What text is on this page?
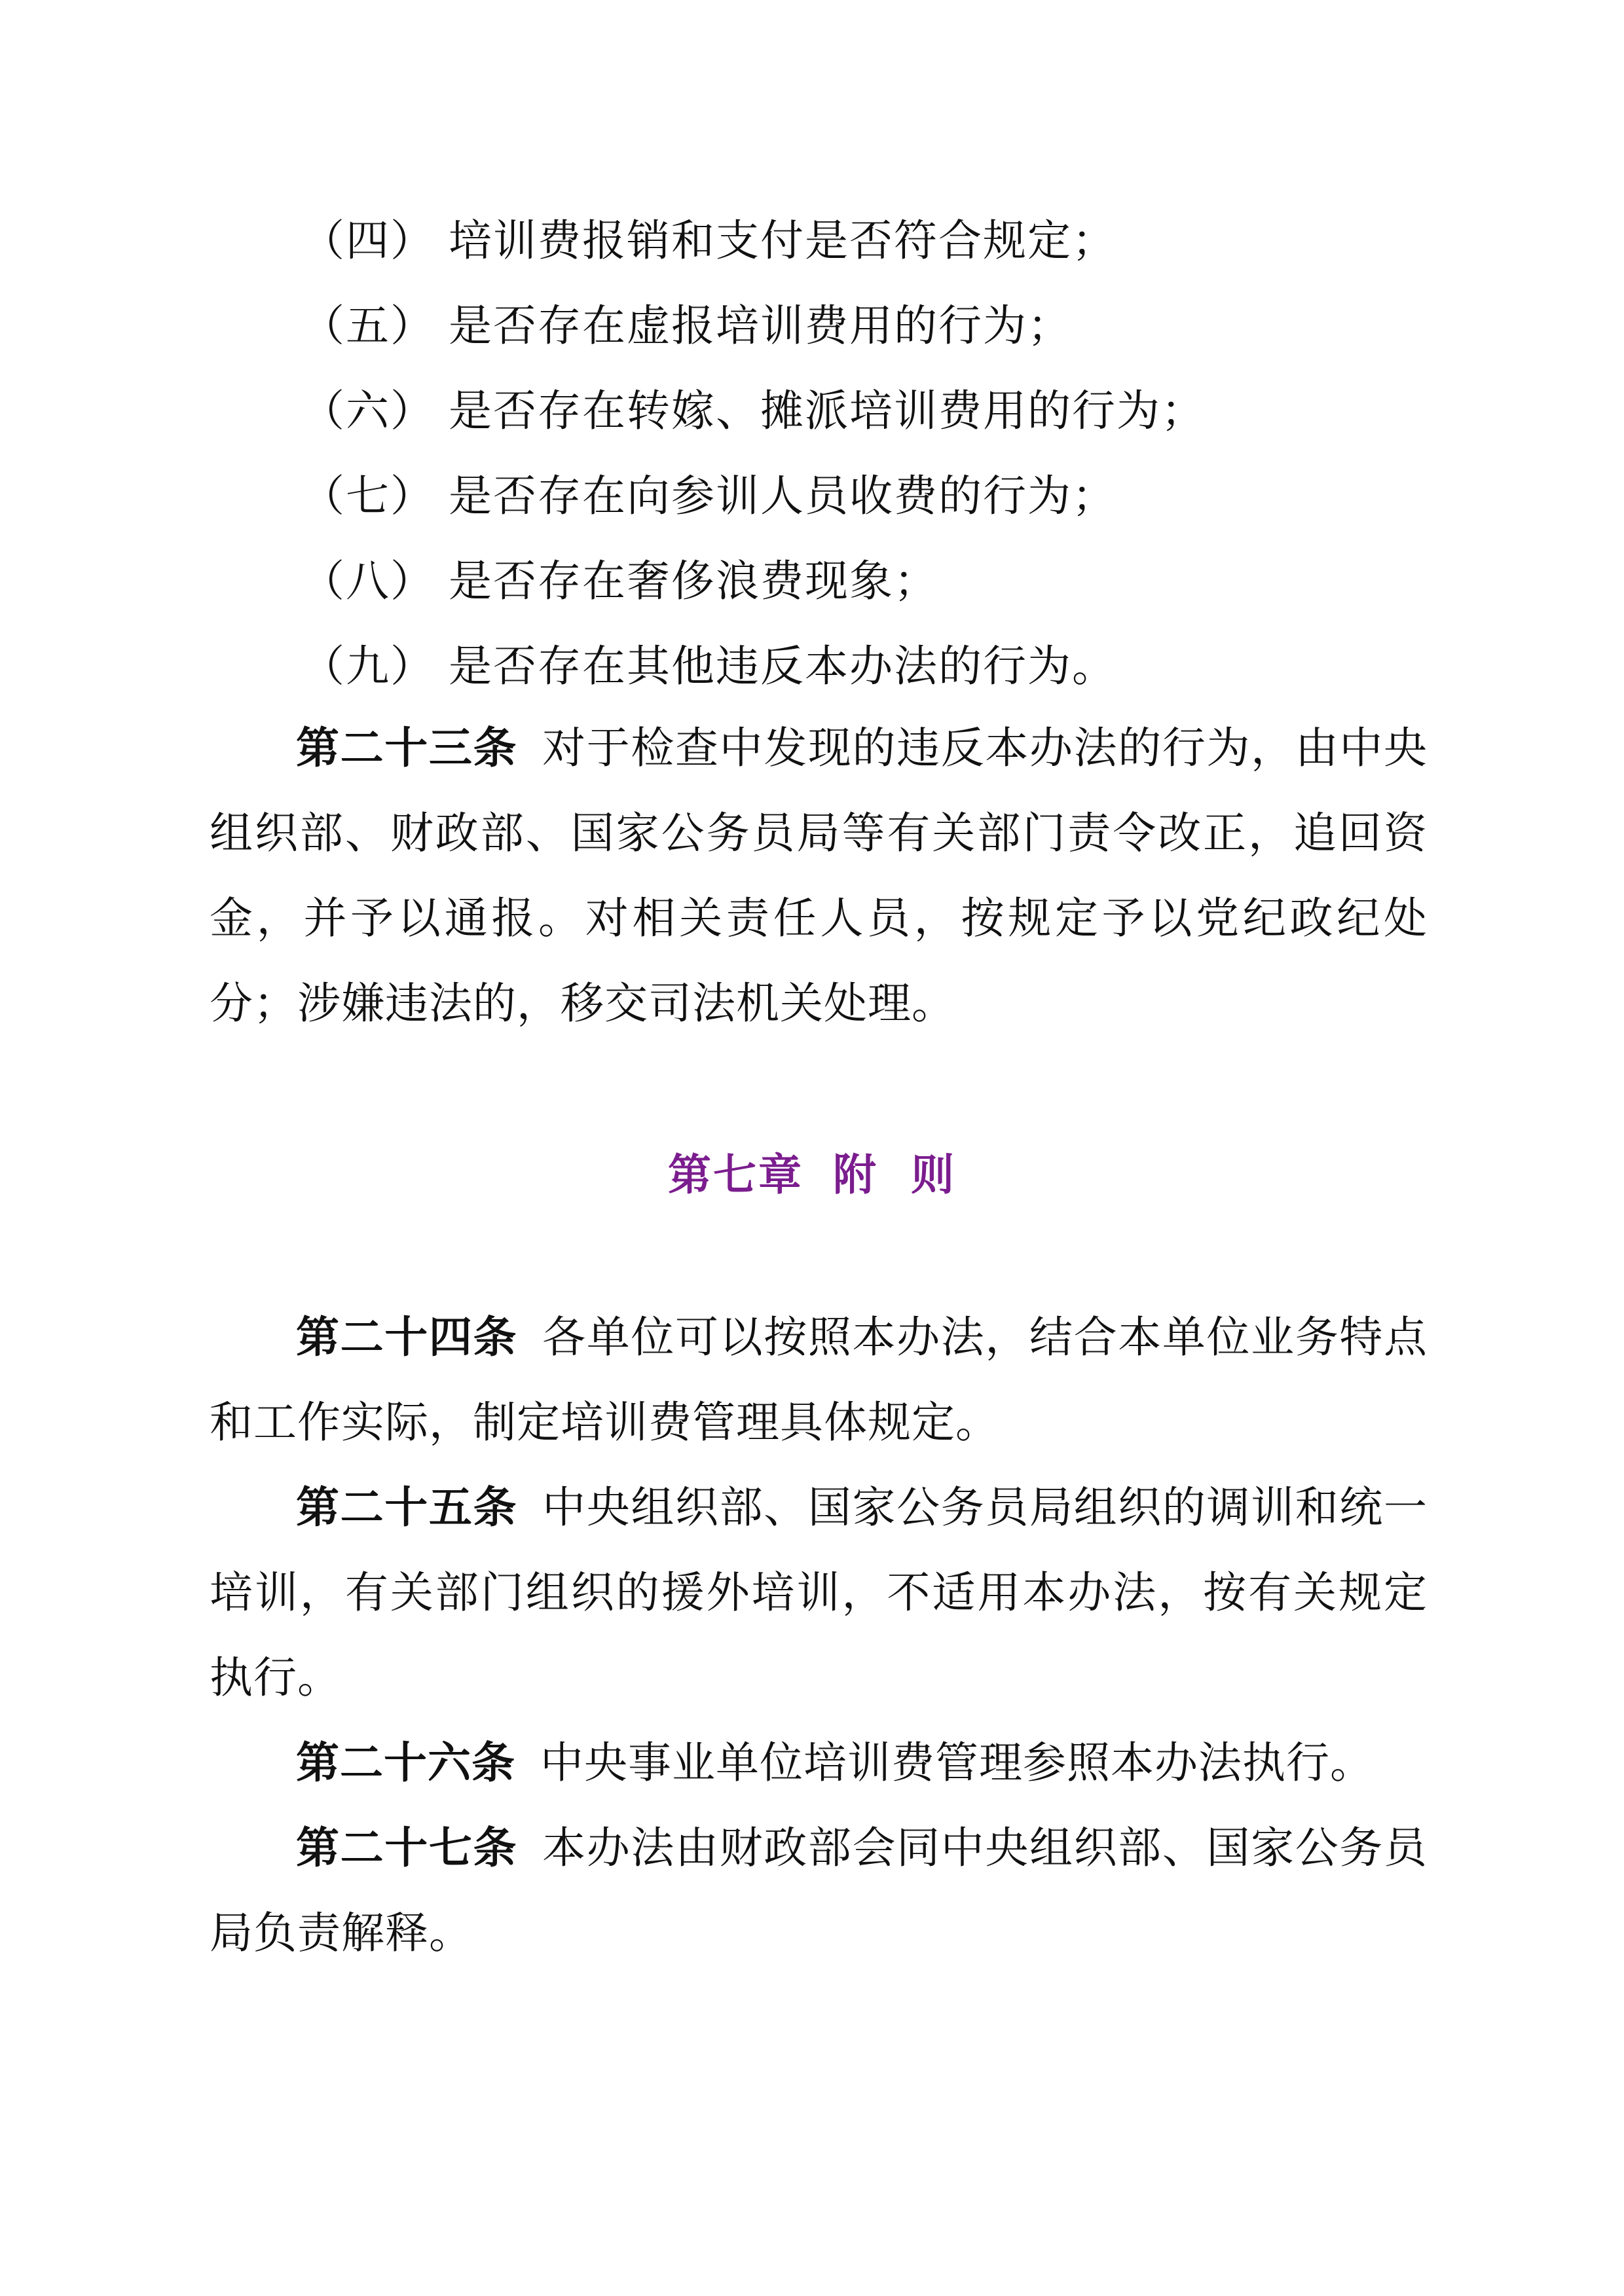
（四） 培训费报销和支付是否符合规定；
（五） 是否存在虚报培训费用的行为；
（六） 是否存在转嫁、摊派培训费用的行为；
（七） 是否存在向参训人员收费的行为；
（八） 是否存在奢侈浪费现象；
（九） 是否存在其他违反本办法的行为。

第二十三条 对于检查中发现的违反本办法的行为，由中央组织部、财政部、国家公务员局等有关部门责令改正，追回资金，并予以通报。对相关责任人员，按规定予以党纪政纪处分；涉嫌违法的，移交司法机关处理。

第七章 附 则

第二十四条 各单位可以按照本办法，结合本单位业务特点和工作实际，制定培训费管理具体规定。

第二十五条 中央组织部、国家公务员局组织的调训和统一培训，有关部门组织的援外培训，不适用本办法，按有关规定执行。

第二十六条 中央事业单位培训费管理参照本办法执行。

第二十七条 本办法由财政部会同中央组织部、国家公务员局负责解释。
